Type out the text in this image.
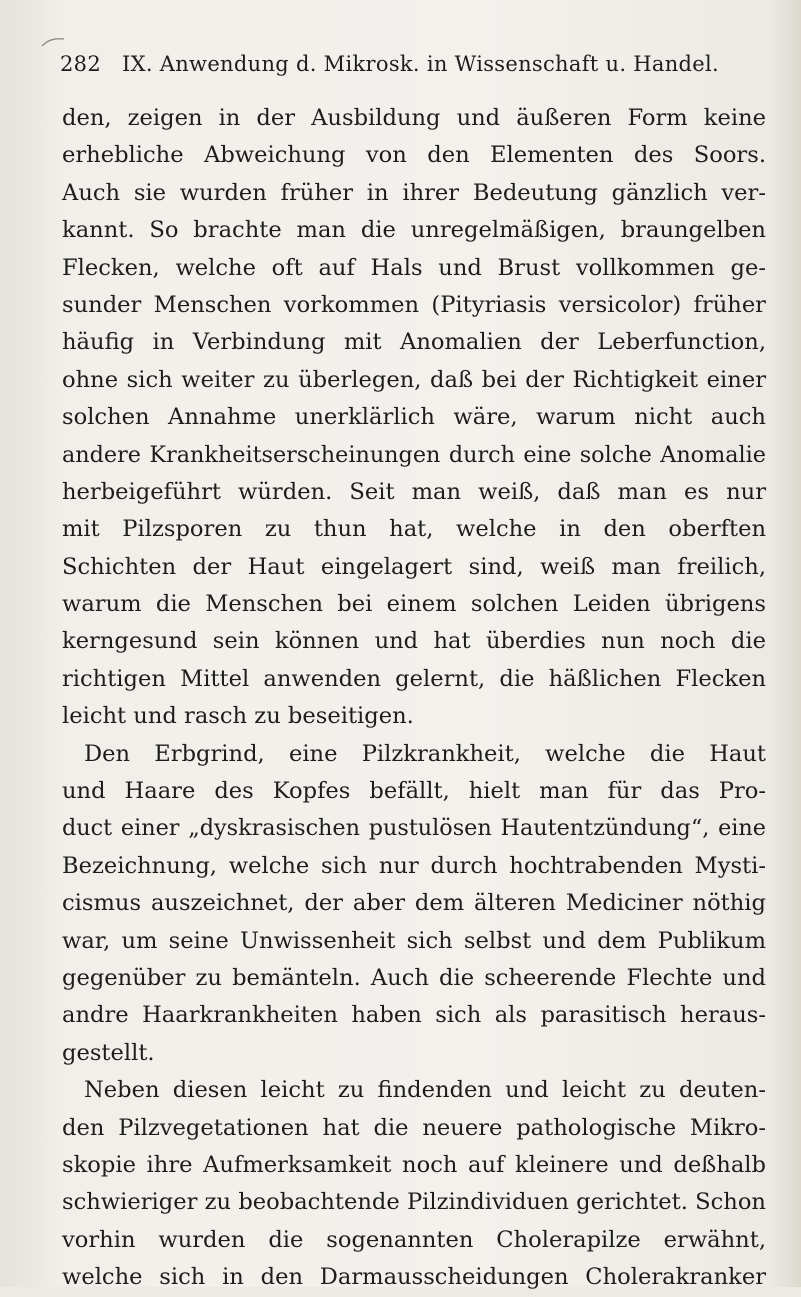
282 IX. Anwendung d. Mikrosk. in Wissenschaft u. Handel.
den, zeigen in der Ausbildung und äußeren Form keine
erhebliche Abweichung von den Elementen des Soors.
Auch sie wurden früher in ihrer Bedeutung gänzlich ver-
kannt. So brachte man die unregelmäßigen, braungelben
Flecken, welche oft auf Hals und Brust vollkommen ge-
sunder Menschen vorkommen (Pityriasis versicolor) früher
häufig in Verbindung mit Anomalien der Leberfunction,
ohne sich weiter zu überlegen, daß bei der Richtigkeit einer
solchen Annahme unerklärlich wäre, warum nicht auch
andere Krankheitserscheinungen durch eine solche Anomalie
herbeigeführt würden. Seit man weiß, daß man es nur
mit Pilzsporen zu thun hat, welche in den oberften
Schichten der Haut eingelagert sind, weiß man freilich,
warum die Menschen bei einem solchen Leiden übrigens
kerngesund sein können und hat überdies nun noch die
richtigen Mittel anwenden gelernt, die häßlichen Flecken
leicht und rasch zu beseitigen.
Den Erbgrind, eine Pilzkrankheit, welche die Haut
und Haare des Kopfes befällt, hielt man für das Pro-
duct einer „dyskrasischen pustulösen Hautentzündung“, eine
Bezeichnung, welche sich nur durch hochtrabenden Mysti-
cismus auszeichnet, der aber dem älteren Mediciner nöthig
war, um seine Unwissenheit sich selbst und dem Publikum
gegenüber zu bemänteln. Auch die scheerende Flechte und
andre Haarkrankheiten haben sich als parasitisch heraus-
gestellt.
Neben diesen leicht zu findenden und leicht zu deuten-
den Pilzvegetationen hat die neuere pathologische Mikro-
skopie ihre Aufmerksamkeit noch auf kleinere und deßhalb
schwieriger zu beobachtende Pilzindividuen gerichtet. Schon
vorhin wurden die sogenannten Cholerapilze erwähnt,
welche sich in den Darmausscheidungen Cholerakranker
